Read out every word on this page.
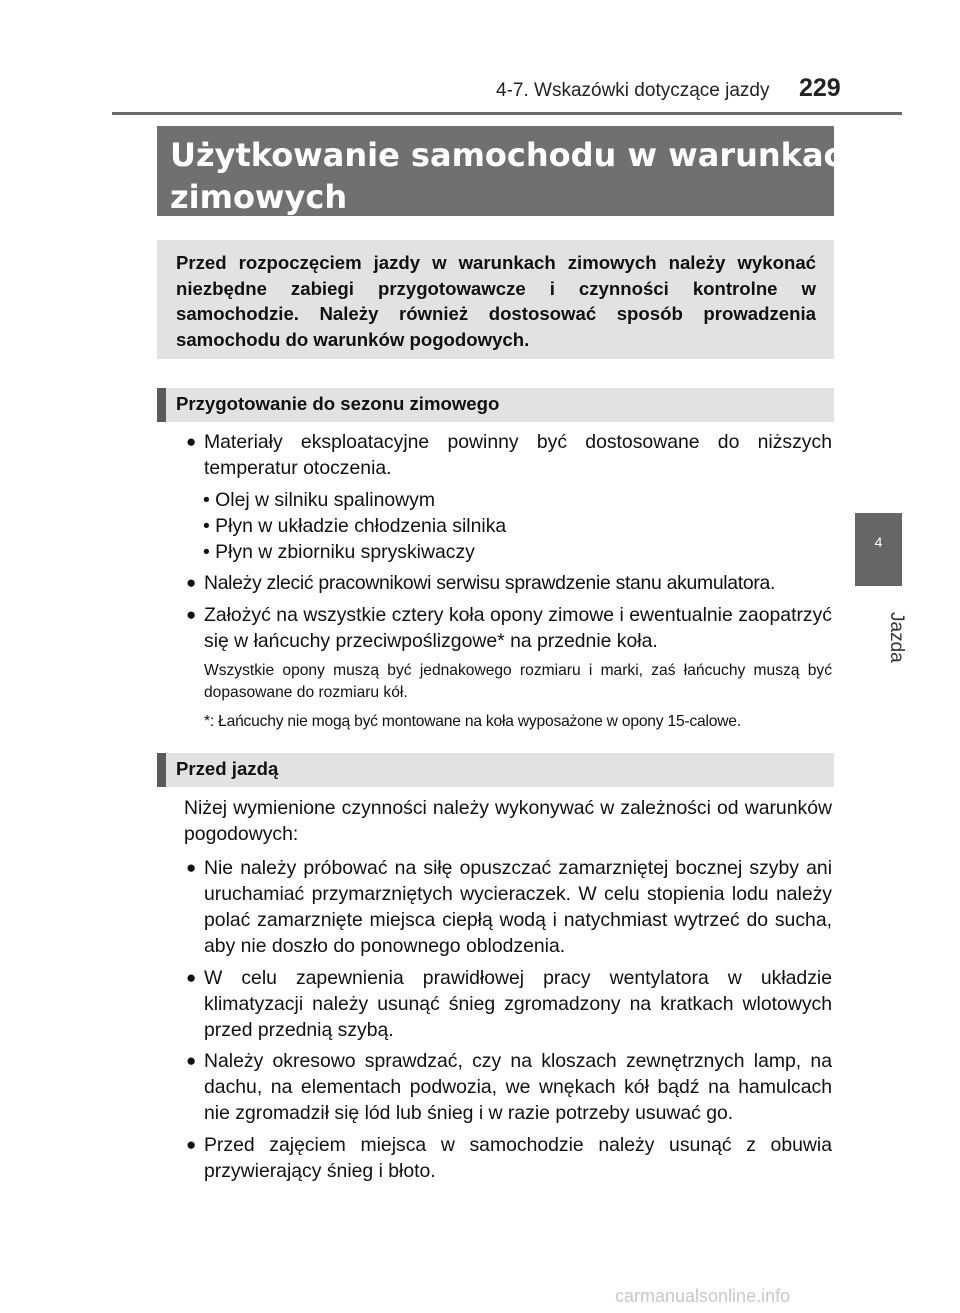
4-7. Wskazówki dotyczące jazdy 229
Użytkowanie samochodu w warunkach
zimowych

Przed rozpoczęciem jazdy w warunkach zimowych należy wykonać niezbędne zabiegi przygotowawcze i czynności kontrolne w samochodzie. Należy również dostosować sposób prowadzenia samochodu do warunków pogodowych.

Przygotowanie do sezonu zimowego
● Materiały eksploatacyjne powinny być dostosowane do niższych temperatur otoczenia.
• Olej w silniku spalinowym
• Płyn w układzie chłodzenia silnika
• Płyn w zbiorniku spryskiwaczy
● Należy zlecić pracownikowi serwisu sprawdzenie stanu akumulatora.
● Założyć na wszystkie cztery koła opony zimowe i ewentualnie zaopatrzyć się w łańcuchy przeciwpoślizgowe* na przednie koła.
Wszystkie opony muszą być jednakowego rozmiaru i marki, zaś łańcuchy muszą być dopasowane do rozmiaru kół.
*: Łańcuchy nie mogą być montowane na koła wyposażone w opony 15-calowe.
Przed jazdą
Niżej wymienione czynności należy wykonywać w zależności od warunków pogodowych:
● Nie należy próbować na siłę opuszczać zamarzniętej bocznej szyby ani uruchamiać przymarzniętych wycieraczek. W celu stopienia lodu należy polać zamarznięte miejsca ciepłą wodą i natychmiast wytrzeć do sucha, aby nie doszło do ponownego oblodzenia.
● W celu zapewnienia prawidłowej pracy wentylatora w układzie klimatyzacji należy usunąć śnieg zgromadzony na kratkach wlotowych przed przednią szybą.
● Należy okresowo sprawdzać, czy na kloszach zewnętrznych lamp, na dachu, na elementach podwozia, we wnękach kół bądź na hamulcach nie zgromadził się lód lub śnieg i w razie potrzeby usuwać go.
● Przed zajęciem miejsca w samochodzie należy usunąć z obuwia przywierający śnieg i błoto.
4
Jazda
carmanualsonline.info
